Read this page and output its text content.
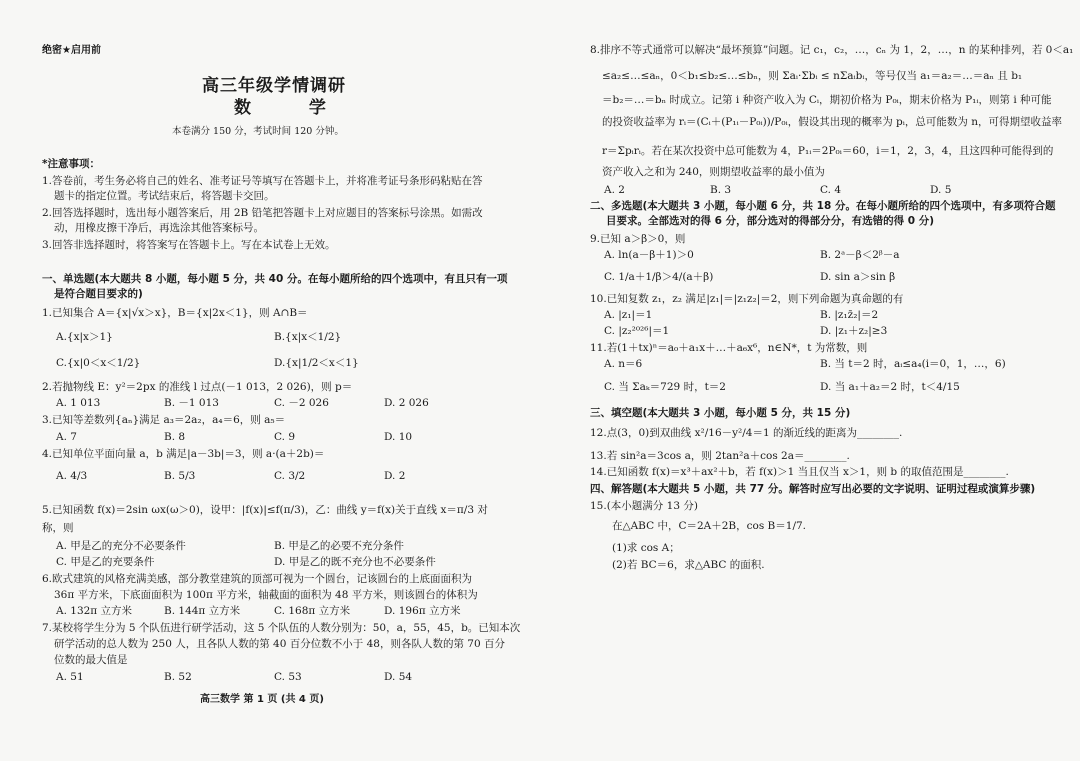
绝密★启用前
高三年级学情调研
数 学
本卷满分 150 分，考试时间 120 分钟。
*注意事项：
1.答卷前，考生务必将自己的姓名、准考证号等填写在答题卡上，并将准考证号条形码粘贴在答
题卡的指定位置。考试结束后，将答题卡交回。
2.回答选择题时，选出每小题答案后，用 2B 铅笔把答题卡上对应题目的答案标号涂黑。如需改
动，用橡皮擦干净后，再选涂其他答案标号。
3.回答非选择题时，将答案写在答题卡上。写在本试卷上无效。
一、单选题(本大题共 8 小题，每小题 5 分，共 40 分。在每小题所给的四个选项中，有且只有一项
是符合题目要求的)
1.已知集合 A＝{x|√x＞x}，B＝{x|2x＜1}，则 A∩B＝
A.{x|x＞1}	B.{x|x＜1/2}
C.{x|0＜x＜1/2}	D.{x|1/2＜x＜1}
2.若抛物线 E：y²＝2px 的准线 l 过点(－1 013，2 026)，则 p＝
A. 1 013	B. －1 013	C. －2 026	D. 2 026
3.已知等差数列{aₙ}满足 a₃＝2a₂，a₄＝6，则 a₅＝
A. 7	B. 8	C. 9	D. 10
4.已知单位平面向量 a，b 满足|a－3b|＝3，则 a·(a＋2b)＝
A. 4/3	B. 5/3	C. 3/2	D. 2
5.已知函数 f(x)＝2sin ωx(ω＞0)，设甲：|f(x)|≤f(π/3)，乙：曲线 y＝f(x)关于直线 x＝π/3 对
称，则
A. 甲是乙的充分不必要条件	B. 甲是乙的必要不充分条件
C. 甲是乙的充要条件	D. 甲是乙的既不充分也不必要条件
6.欧式建筑的风格充满美感，部分教堂建筑的顶部可视为一个圆台，记该圆台的上底面面积为
36π 平方米，下底面面积为 100π 平方米，轴截面的面积为 48 平方米，则该圆台的体积为
A. 132π 立方米	B. 144π 立方米	C. 168π 立方米	D. 196π 立方米
7.某校将学生分为 5 个队伍进行研学活动，这 5 个队伍的人数分别为：50，a，55，45，b。已知本次
研学活动的总人数为 250 人，且各队人数的第 40 百分位数不小于 48，则各队人数的第 70 百分
位数的最大值是
A. 51	B. 52	C. 53	D. 54
高三数学 第 1 页 (共 4 页)
8.排序不等式通常可以解决“最坏预算”问题。记 c₁，c₂，…，cₙ 为 1，2，…，n 的某种排列，若 0＜a₁
≤a₂≤…≤aₙ，0＜b₁≤b₂≤…≤bₙ，则 Σaᵢ·Σbᵢ ≤ nΣaᵢbᵢ，等号仅当 a₁＝a₂＝…＝aₙ 且 b₁
＝b₂＝…＝bₙ 时成立。记第 i 种资产收入为 Cᵢ，期初价格为 P₀ᵢ，期末价格为 P₁ᵢ，则第 i 种可能
的投资收益率为 rᵢ＝(Cᵢ＋(P₁ᵢ－P₀ᵢ))/P₀ᵢ，假设其出现的概率为 pᵢ，总可能数为 n，可得期望收益率
r＝Σpᵢrᵢ。若在某次投资中总可能数为 4，P₁ᵢ＝2P₀ᵢ＝60，i＝1，2，3，4，且这四种可能得到的
资产收入之和为 240，则期望收益率的最小值为
A. 2	B. 3	C. 4	D. 5
二、多选题(本大题共 3 小题，每小题 6 分，共 18 分。在每小题所给的四个选项中，有多项符合题
目要求。全部选对的得 6 分，部分选对的得部分分，有选错的得 0 分)
9.已知 a＞β＞0，则
A. ln(a－β＋1)＞0	B. 2ᵃ－β＜2ᵝ－a
C. 1/a＋1/β＞4/(a＋β)	D. sin a＞sin β
10.已知复数 z₁，z₂ 满足|z₁|＝|z₁z₂|＝2，则下列命题为真命题的有
A. |z₁|＝1	B. |z₁z̄₂|＝2
C. |z₂²⁰²⁶|＝1	D. |z₁＋z₂|≥3
11.若(1＋tx)ⁿ＝a₀＋a₁x＋…＋a₆x⁶，n∈N*，t 为常数，则
A. n＝6	B. 当 t＝2 时，aᵢ≤a₄(i＝0，1，…，6)
C. 当 Σaₖ＝729 时，t＝2	D. 当 a₁＋a₂＝2 时，t＜4/15
三、填空题(本大题共 3 小题，每小题 5 分，共 15 分)
12.点(3，0)到双曲线 x²/16－y²/4＝1 的渐近线的距离为________.
13.若 sin²a＝3cos a，则 2tan²a＋cos 2a＝________.
14.已知函数 f(x)＝x³＋ax²＋b，若 f(x)＞1 当且仅当 x＞1，则 b 的取值范围是________.
四、解答题(本大题共 5 小题，共 77 分。解答时应写出必要的文字说明、证明过程或演算步骤)
15.(本小题满分 13 分)
在△ABC 中，C＝2A＋2B，cos B＝1/7.
(1)求 cos A；
(2)若 BC＝6，求△ABC 的面积.
